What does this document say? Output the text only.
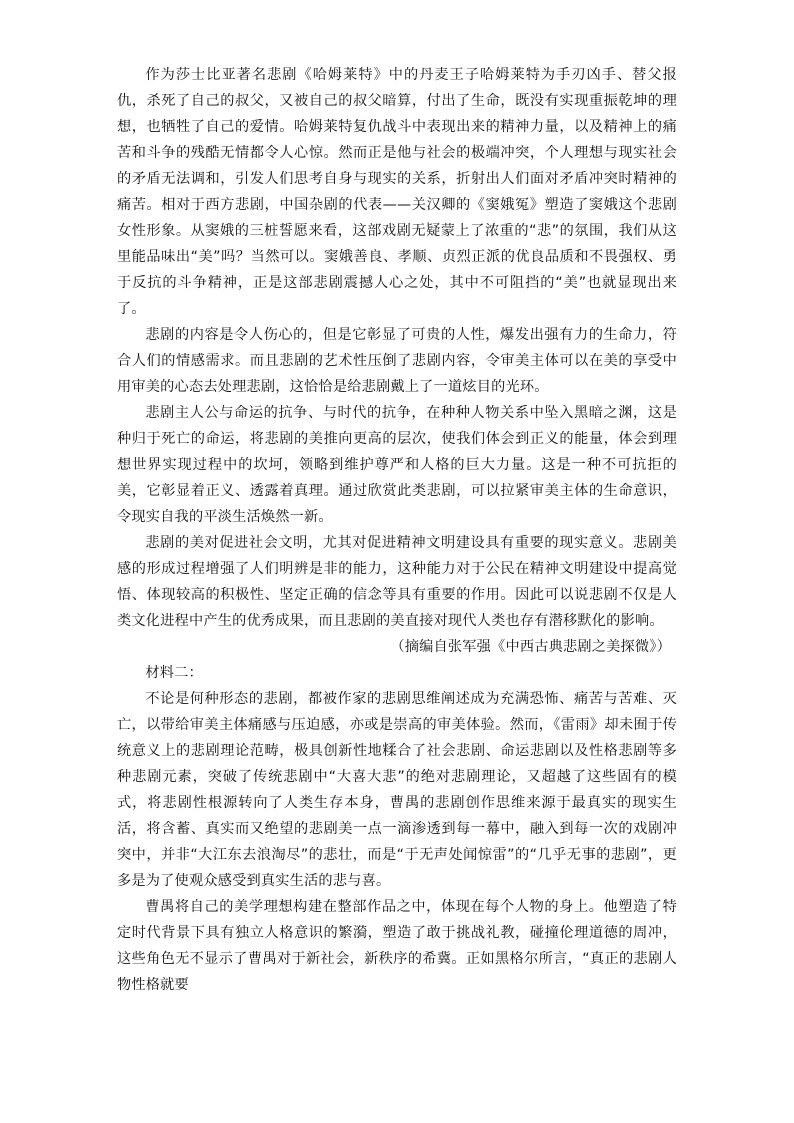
作为莎士比亚著名悲剧《哈姆莱特》中的丹麦王子哈姆莱特为手刃凶手、替父报仇，杀死了自己的叔父，又被自己的叔父暗算，付出了生命，既没有实现重振乾坤的理想，也牺牲了自己的爱情。哈姆莱特复仇战斗中表现出来的精神力量，以及精神上的痛苦和斗争的残酷无情都令人心惊。然而正是他与社会的极端冲突，个人理想与现实社会的矛盾无法调和，引发人们思考自身与现实的关系，折射出人们面对矛盾冲突时精神的痛苦。相对于西方悲剧，中国杂剧的代表——关汉卿的《窦娥冤》塑造了窦娥这个悲剧女性形象。从窦娥的三桩誓愿来看，这部戏剧无疑蒙上了浓重的“悲”的氛围，我们从这里能品味出“美”吗？当然可以。窦娥善良、孝顺、贞烈正派的优良品质和不畏强权、勇于反抗的斗争精神，正是这部悲剧震撼人心之处，其中不可阻挡的“美”也就显现出来了。

悲剧的内容是令人伤心的，但是它彰显了可贵的人性，爆发出强有力的生命力，符合人们的情感需求。而且悲剧的艺术性压倒了悲剧内容，令审美主体可以在美的享受中用审美的心态去处理悲剧，这恰恰是给悲剧戴上了一道炫目的光环。

悲剧主人公与命运的抗争、与时代的抗争，在种种人物关系中坠入黑暗之渊，这是种归于死亡的命运，将悲剧的美推向更高的层次，使我们体会到正义的能量，体会到理想世界实现过程中的坎坷，领略到维护尊严和人格的巨大力量。这是一种不可抗拒的美，它彰显着正义、透露着真理。通过欣赏此类悲剧，可以拉紧审美主体的生命意识，令现实自我的平淡生活焕然一新。

悲剧的美对促进社会文明，尤其对促进精神文明建设具有重要的现实意义。悲剧美感的形成过程增强了人们明辨是非的能力，这种能力对于公民在精神文明建设中提高觉悟、体现较高的积极性、坚定正确的信念等具有重要的作用。因此可以说悲剧不仅是人类文化进程中产生的优秀成果，而且悲剧的美直接对现代人类也存有潜移默化的影响。

（摘编自张军强《中西古典悲剧之美探微》）

材料二：

不论是何种形态的悲剧，都被作家的悲剧思维阐述成为充满恐怖、痛苦与苦难、灭亡，以带给审美主体痛感与压迫感，亦或是崇高的审美体验。然而，《雷雨》却未囿于传统意义上的悲剧理论范畴，极具创新性地糅合了社会悲剧、命运悲剧以及性格悲剧等多种悲剧元素，突破了传统悲剧中“大喜大悲”的绝对悲剧理论，又超越了这些固有的模式，将悲剧性根源转向了人类生存本身，曹禺的悲剧创作思维来源于最真实的现实生活，将含蓄、真实而又绝望的悲剧美一点一滴渗透到每一幕中，融入到每一次的戏剧冲突中，并非“大江东去浪淘尽”的悲壮，而是“于无声处闻惊雷”的“几乎无事的悲剧”，更多是为了使观众感受到真实生活的悲与喜。

曹禺将自己的美学理想构建在整部作品之中，体现在每个人物的身上。他塑造了特定时代背景下具有独立人格意识的繁漪，塑造了敢于挑战礼教，碰撞伦理道德的周冲，这些角色无不显示了曹禺对于新社会，新秩序的希冀。正如黑格尔所言，“真正的悲剧人物性格就要
